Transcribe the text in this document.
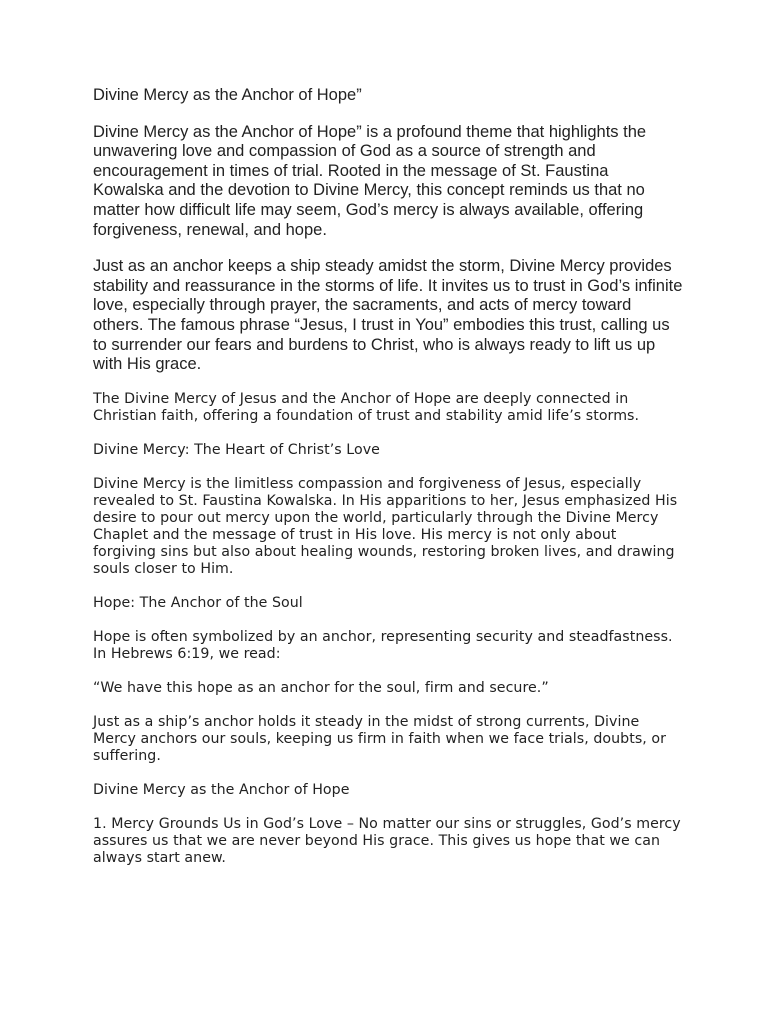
Divine Mercy as the Anchor of Hope”

Divine Mercy as the Anchor of Hope” is a profound theme that highlights the unwavering love and compassion of God as a source of strength and encouragement in times of trial. Rooted in the message of St. Faustina Kowalska and the devotion to Divine Mercy, this concept reminds us that no matter how difficult life may seem, God’s mercy is always available, offering forgiveness, renewal, and hope.

Just as an anchor keeps a ship steady amidst the storm, Divine Mercy provides stability and reassurance in the storms of life. It invites us to trust in God’s infinite love, especially through prayer, the sacraments, and acts of mercy toward others. The famous phrase “Jesus, I trust in You” embodies this trust, calling us to surrender our fears and burdens to Christ, who is always ready to lift us up with His grace.

The Divine Mercy of Jesus and the Anchor of Hope are deeply connected in Christian faith, offering a foundation of trust and stability amid life’s storms.

Divine Mercy: The Heart of Christ’s Love

Divine Mercy is the limitless compassion and forgiveness of Jesus, especially revealed to St. Faustina Kowalska. In His apparitions to her, Jesus emphasized His desire to pour out mercy upon the world, particularly through the Divine Mercy Chaplet and the message of trust in His love. His mercy is not only about forgiving sins but also about healing wounds, restoring broken lives, and drawing souls closer to Him.

Hope: The Anchor of the Soul

Hope is often symbolized by an anchor, representing security and steadfastness. In Hebrews 6:19, we read:

“We have this hope as an anchor for the soul, firm and secure.”

Just as a ship’s anchor holds it steady in the midst of strong currents, Divine Mercy anchors our souls, keeping us firm in faith when we face trials, doubts, or suffering.

Divine Mercy as the Anchor of Hope

1. Mercy Grounds Us in God’s Love – No matter our sins or struggles, God’s mercy assures us that we are never beyond His grace. This gives us hope that we can always start anew.
